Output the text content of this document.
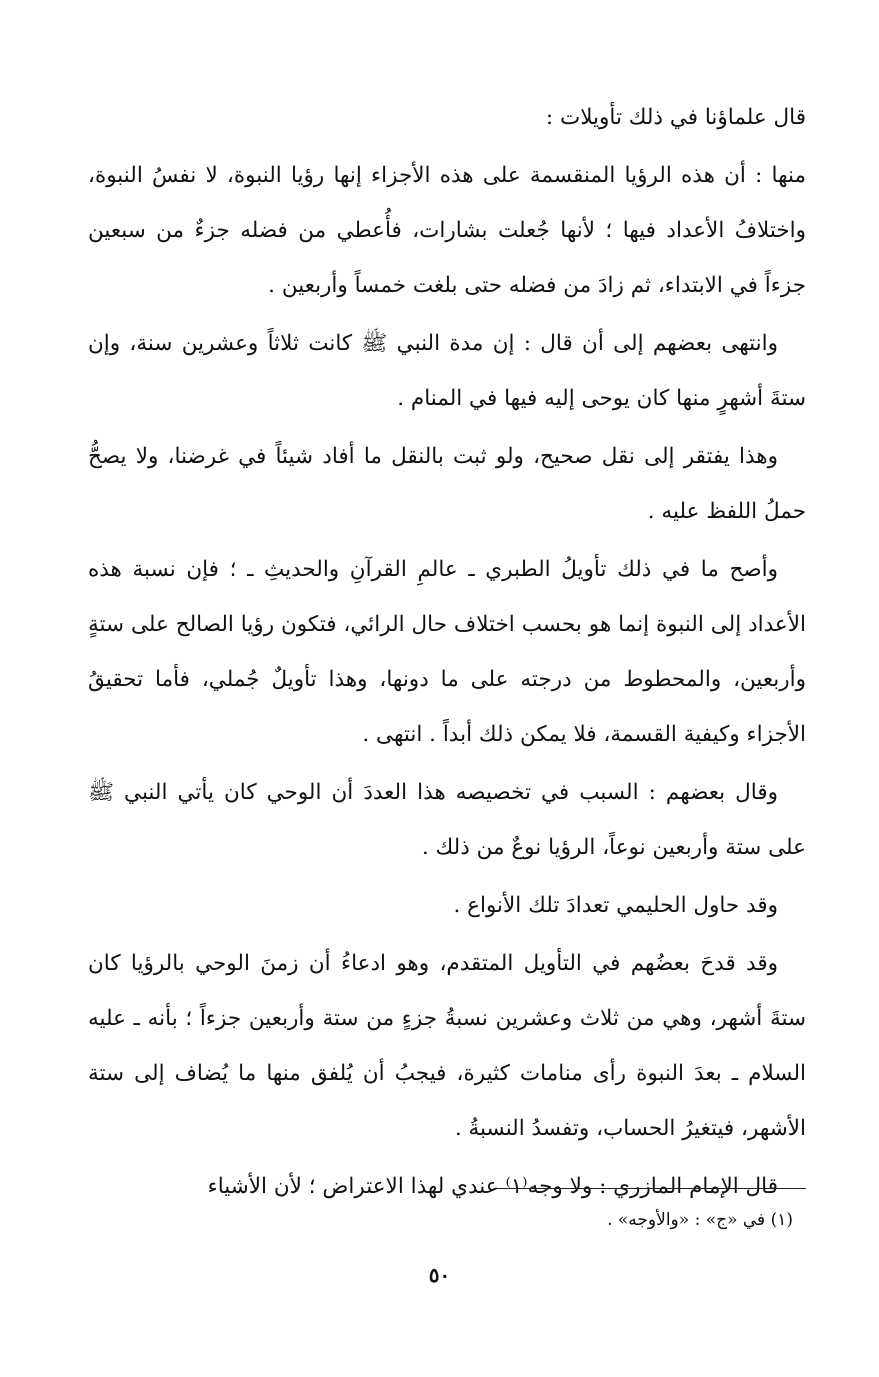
قال علماؤنا في ذلك تأويلات :

منها : أن هذه الرؤيا المنقسمة على هذه الأجزاء إنها رؤيا النبوة، لا نفسُ النبوة، واختلافُ الأعداد فيها ؛ لأنها جُعلت بشارات، فأُعطي من فضله جزءٌ من سبعين جزءاً في الابتداء، ثم زادَ من فضله حتى بلغت خمساً وأربعين .

وانتهى بعضهم إلى أن قال : إن مدة النبي ﷺ كانت ثلاثاً وعشرين سنة، وإن ستةَ أشهرٍ منها كان يوحى إليه فيها في المنام .

وهذا يفتقر إلى نقل صحيح، ولو ثبت بالنقل ما أفاد شيئاً في غرضنا، ولا يصحُّ حملُ اللفظ عليه .

وأصح ما في ذلك تأويلُ الطبري ـ عالمِ القرآنِ والحديثِ ـ ؛ فإن نسبة هذه الأعداد إلى النبوة إنما هو بحسب اختلاف حال الرائي، فتكون رؤيا الصالح على ستةٍ وأربعين، والمحطوط من درجته على ما دونها، وهذا تأويلٌ جُملي، فأما تحقيقُ الأجزاء وكيفية القسمة، فلا يمكن ذلك أبداً . انتهى .

وقال بعضهم : السبب في تخصيصه هذا العددَ أن الوحي كان يأتي النبي ﷺ على ستة وأربعين نوعاً، الرؤيا نوعٌ من ذلك .

وقد حاول الحليمي تعدادَ تلك الأنواع .

وقد قدحَ بعضُهم في التأويل المتقدم، وهو ادعاءُ أن زمنَ الوحي بالرؤيا كان ستةَ أشهر، وهي من ثلاث وعشرين نسبةُ جزءٍ من ستة وأربعين جزءاً ؛ بأنه ـ عليه السلام ـ بعدَ النبوة رأى منامات كثيرة، فيجبُ أن يُلفق منها ما يُضاف إلى ستة الأشهر، فيتغيرُ الحساب، وتفسدُ النسبةُ .

قال الإمام المازري : ولا وجه⁽١⁾ عندي لهذا الاعتراض ؛ لأن الأشياء

(١) في «ج» : «والأوجه» .
٥٠
